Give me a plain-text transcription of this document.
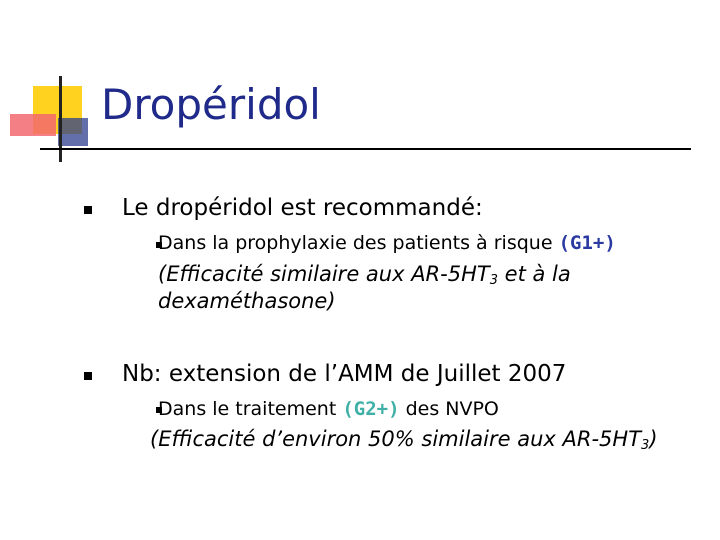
Dropéridol
Le dropéridol est recommandé:
Dans la prophylaxie des patients à risque (G1+)
(Efficacité similaire aux $AR-5HT_3$ et à la
dexaméthasone)
Nb: extension de l’AMM de Juillet 2007
Dans le traitement (G2+) des NVPO
(Efficacité d’environ 50% similaire aux $AR-5HT_3$)
